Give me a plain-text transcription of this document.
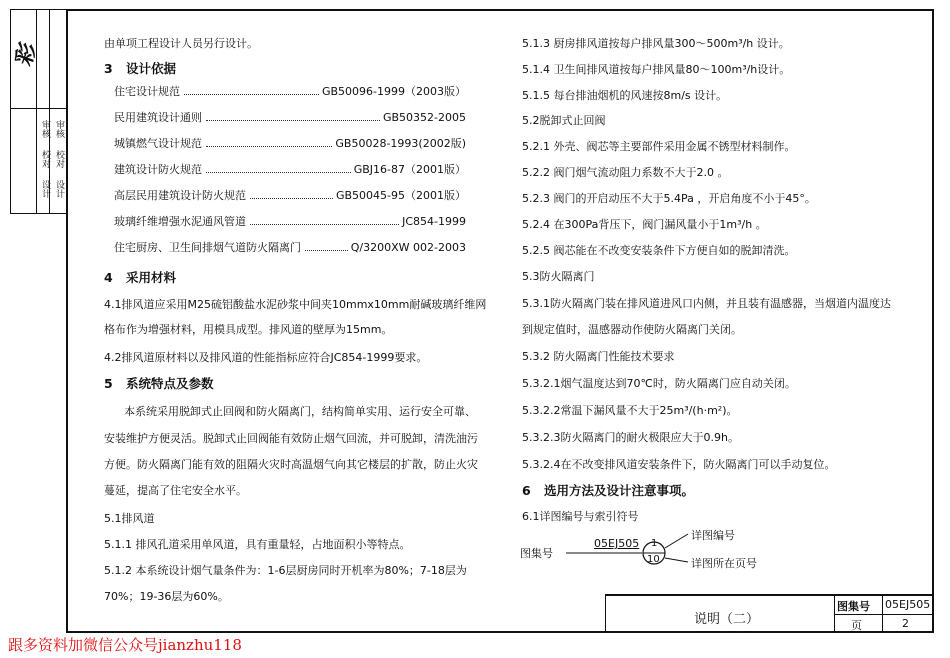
彩
审核
校对
设计
审核
校对
设计
由单项工程设计人员另行设计。
3 设计依据
住宅设计规范	GB50096-1999（2003版）
民用建筑设计通则	GB50352-2005
城镇燃气设计规范	GB50028-1993(2002版)
建筑设计防火规范	GBJ16-87（2001版）
高层民用建筑设计防火规范	GB50045-95（2001版）
玻璃纤维增强水泥通风管道	JC854-1999
住宅厨房、卫生间排烟气道防火隔离门	Q/3200XW 002-2003
4 采用材料
4.1排风道应采用M25硫铝酸盐水泥砂浆中间夹10mmx10mm耐碱玻璃纤维网
格布作为增强材料，用模具成型。排风道的壁厚为15mm。
4.2排风道原材料以及排风道的性能指标应符合JC854-1999要求。
5 系统特点及参数
本系统采用脱卸式止回阀和防火隔离门，结构简单实用、运行安全可靠、
安装维护方便灵活。脱卸式止回阀能有效防止烟气回流，并可脱卸，清洗油污
方便。防火隔离门能有效的阻隔火灾时高温烟气向其它楼层的扩散，防止火灾
蔓延，提高了住宅安全水平。
5.1排风道
5.1.1 排风孔道采用单风道，具有重量轻，占地面积小等特点。
5.1.2 本系统设计烟气量条件为：1-6层厨房同时开机率为80%；7-18层为
70%；19-36层为60%。
5.1.3 厨房排风道按每户排风量300～500m³/h 设计。
5.1.4 卫生间排风道按每户排风量80～100m³/h设计。
5.1.5 每台排油烟机的风速按8m/s 设计。
5.2脱卸式止回阀
5.2.1 外壳、阀芯等主要部件采用金属不锈型材料制作。
5.2.2 阀门烟气流动阻力系数不大于2.0 。
5.2.3 阀门的开启动压不大于5.4Pa ，开启角度不小于45°。
5.2.4 在300Pa背压下，阀门漏风量小于1m³/h 。
5.2.5 阀芯能在不改变安装条件下方便自如的脱卸清洗。
5.3防火隔离门
5.3.1防火隔离门装在排风道进风口内侧，并且装有温感器，当烟道内温度达
到规定值时，温感器动作使防火隔离门关闭。
5.3.2 防火隔离门性能技术要求
5.3.2.1烟气温度达到70℃时，防火隔离门应自动关闭。
5.3.2.2常温下漏风量不大于25m³/(h·m²)。
5.3.2.3防火隔离门的耐火极限应大于0.9h。
5.3.2.4在不改变排风道安装条件下，防火隔离门可以手动复位。
6 选用方法及设计注意事项。
6.1详图编号与索引符号
图集号
05EJ505 1
10
详图编号
详图所在页号
说明（二）
图集号 05EJ505
页	2
跟多资料加微信公众号jianzhu118
